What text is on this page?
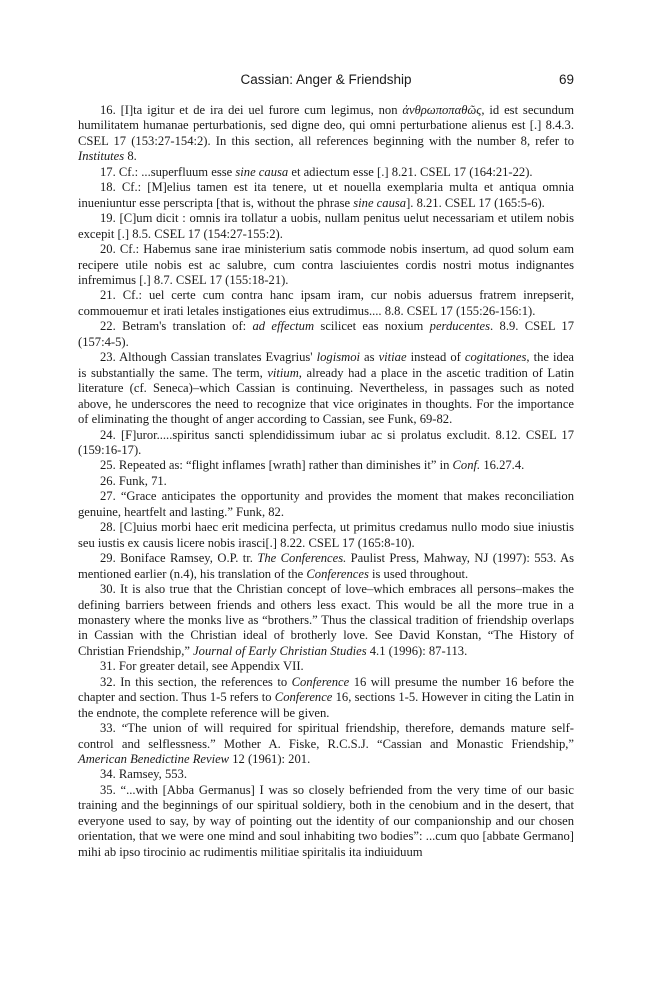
Cassian: Anger & Friendship	69

16. [I]ta igitur et de ira dei uel furore cum legimus, non ἀνθρωποπαθῶς, id est secundum humilitatem humanae perturbationis, sed digne deo, qui omni perturbatione alienus est [.] 8.4.3. CSEL 17 (153:27-154:2). In this section, all references beginning with the number 8, refer to Institutes 8.

17. Cf.: ...superfluum esse sine causa et adiectum esse [.] 8.21. CSEL 17 (164:21-22).

18. Cf.: [M]elius tamen est ita tenere, ut et nouella exemplaria multa et antiqua omnia inueniuntur esse perscripta [that is, without the phrase sine causa]. 8.21. CSEL 17 (165:5-6).

19. [C]um dicit : omnis ira tollatur a uobis, nullam penitus uelut necessariam et utilem nobis excepit [.] 8.5. CSEL 17 (154:27-155:2).

20. Cf.: Habemus sane irae ministerium satis commode nobis insertum, ad quod solum eam recipere utile nobis est ac salubre, cum contra lasciuientes cordis nostri motus indignantes infremimus [.] 8.7. CSEL 17 (155:18-21).

21. Cf.: uel certe cum contra hanc ipsam iram, cur nobis aduersus fratrem inrepserit, commouemur et irati letales instigationes eius extrudimus.... 8.8. CSEL 17 (155:26-156:1).

22. Betram's translation of: ad effectum scilicet eas noxium perducentes. 8.9. CSEL 17 (157:4-5).

23. Although Cassian translates Evagrius' logismoi as vitiae instead of cogitationes, the idea is substantially the same. The term, vitium, already had a place in the ascetic tradition of Latin literature (cf. Seneca)–which Cassian is continuing. Nevertheless, in passages such as noted above, he underscores the need to recognize that vice originates in thoughts. For the importance of eliminating the thought of anger according to Cassian, see Funk, 69-82.

24. [F]uror.....spiritus sancti splendidissimum iubar ac si prolatus excludit. 8.12. CSEL 17 (159:16-17).

25. Repeated as: “flight inflames [wrath] rather than diminishes it” in Conf. 16.27.4.

26. Funk, 71.

27. “Grace anticipates the opportunity and provides the moment that makes reconciliation genuine, heartfelt and lasting.” Funk, 82.

28. [C]uius morbi haec erit medicina perfecta, ut primitus credamus nullo modo siue iniustis seu iustis ex causis licere nobis irasci[.] 8.22. CSEL 17 (165:8-10).

29. Boniface Ramsey, O.P. tr. The Conferences. Paulist Press, Mahway, NJ (1997): 553. As mentioned earlier (n.4), his translation of the Conferences is used throughout.

30. It is also true that the Christian concept of love–which embraces all persons–makes the defining barriers between friends and others less exact. This would be all the more true in a monastery where the monks live as “brothers.” Thus the classical tradition of friendship overlaps in Cassian with the Christian ideal of brotherly love. See David Konstan, “The History of Christian Friendship,” Journal of Early Christian Studies 4.1 (1996): 87-113.

31. For greater detail, see Appendix VII.

32. In this section, the references to Conference 16 will presume the number 16 before the chapter and section. Thus 1-5 refers to Conference 16, sections 1-5. However in citing the Latin in the endnote, the complete reference will be given.

33. “The union of will required for spiritual friendship, therefore, demands mature self-control and selflessness.” Mother A. Fiske, R.C.S.J. “Cassian and Monastic Friendship,” American Benedictine Review 12 (1961): 201.

34. Ramsey, 553.

35. “...with [Abba Germanus] I was so closely befriended from the very time of our basic training and the beginnings of our spiritual soldiery, both in the cenobium and in the desert, that everyone used to say, by way of pointing out the identity of our companionship and our chosen orientation, that we were one mind and soul inhabiting two bodies”: ...cum quo [abbate Germano] mihi ab ipso tirocinio ac rudimentis militiae spiritalis ita indiuiduum
